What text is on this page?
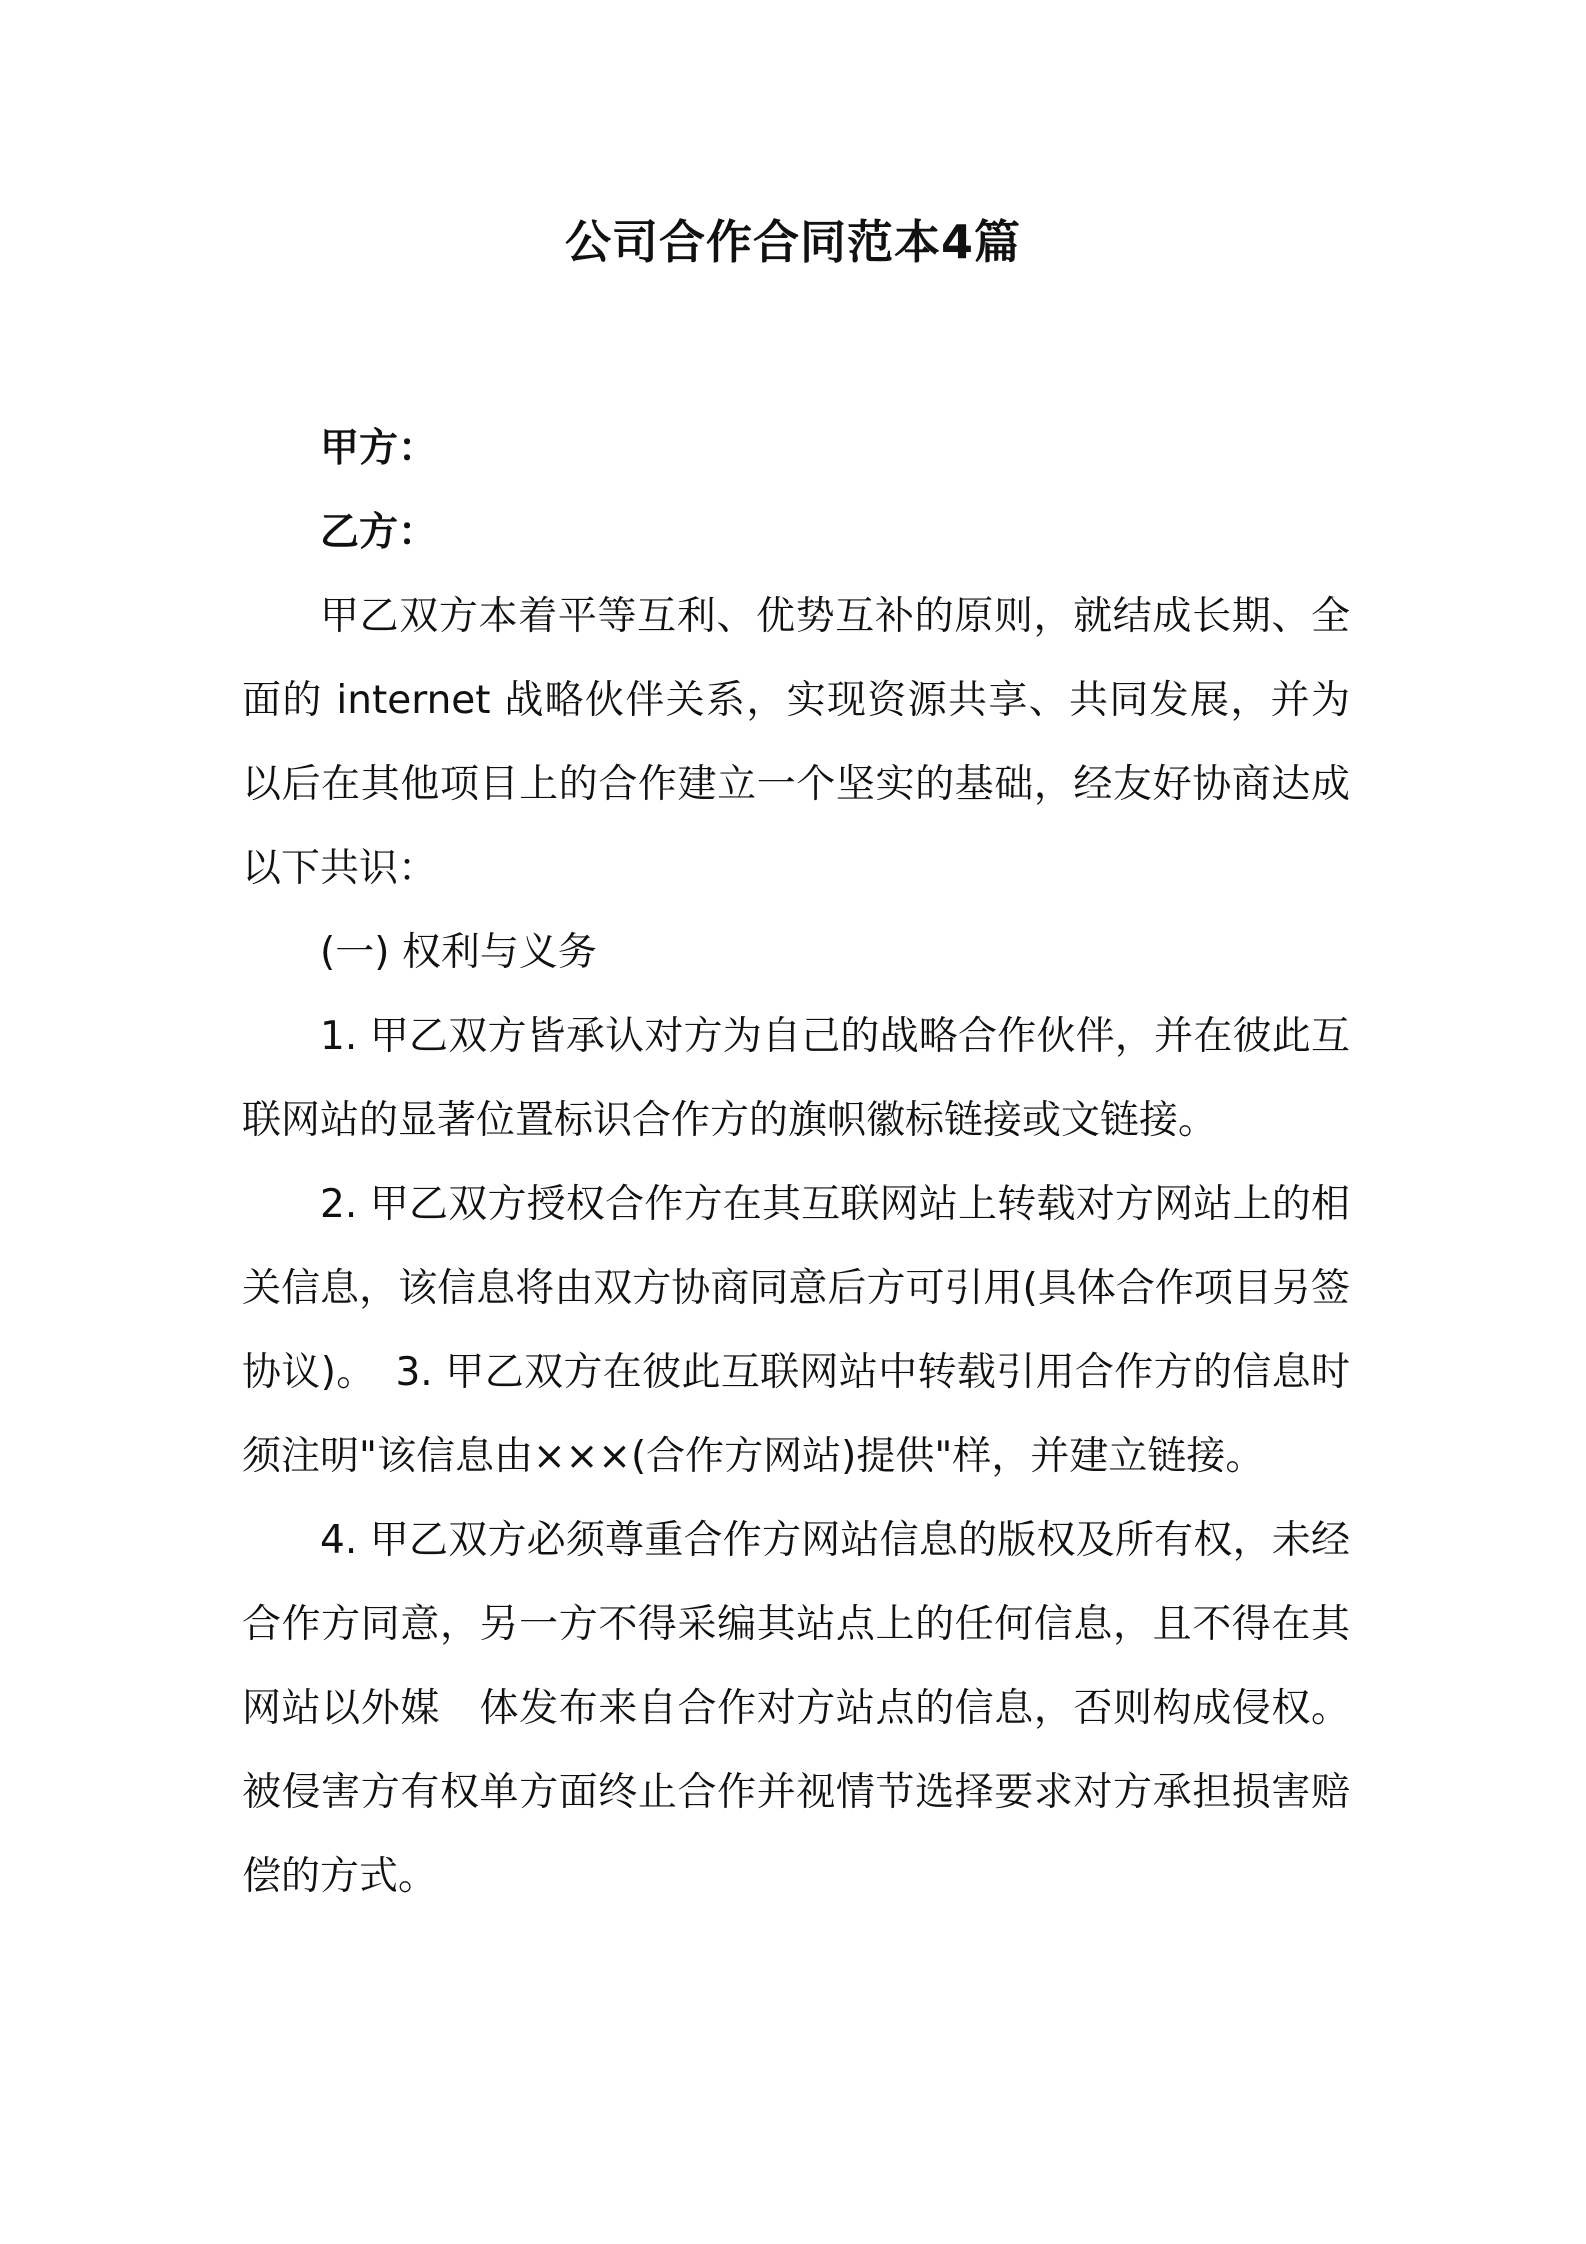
公司合作合同范本4篇

甲方：

乙方：

甲乙双方本着平等互利、优势互补的原则，就结成长期、全面的 internet 战略伙伴关系，实现资源共享、共同发展，并为以后在其他项目上的合作建立一个坚实的基础，经友好协商达成以下共识：

(一) 权利与义务

1. 甲乙双方皆承认对方为自己的战略合作伙伴，并在彼此互联网站的显著位置标识合作方的旗帜徽标链接或文链接。

2. 甲乙双方授权合作方在其互联网站上转载对方网站上的相关信息，该信息将由双方协商同意后方可引用(具体合作项目另签协议)。　3. 甲乙双方在彼此互联网站中转载引用合作方的信息时须注明"该信息由×××(合作方网站)提供"样，并建立链接。

4. 甲乙双方必须尊重合作方网站信息的版权及所有权，未经合作方同意，另一方不得采编其站点上的任何信息，且不得在其网站以外媒　体发布来自合作对方站点的信息，否则构成侵权。被侵害方有权单方面终止合作并视情节选择要求对方承担损害赔偿的方式。
